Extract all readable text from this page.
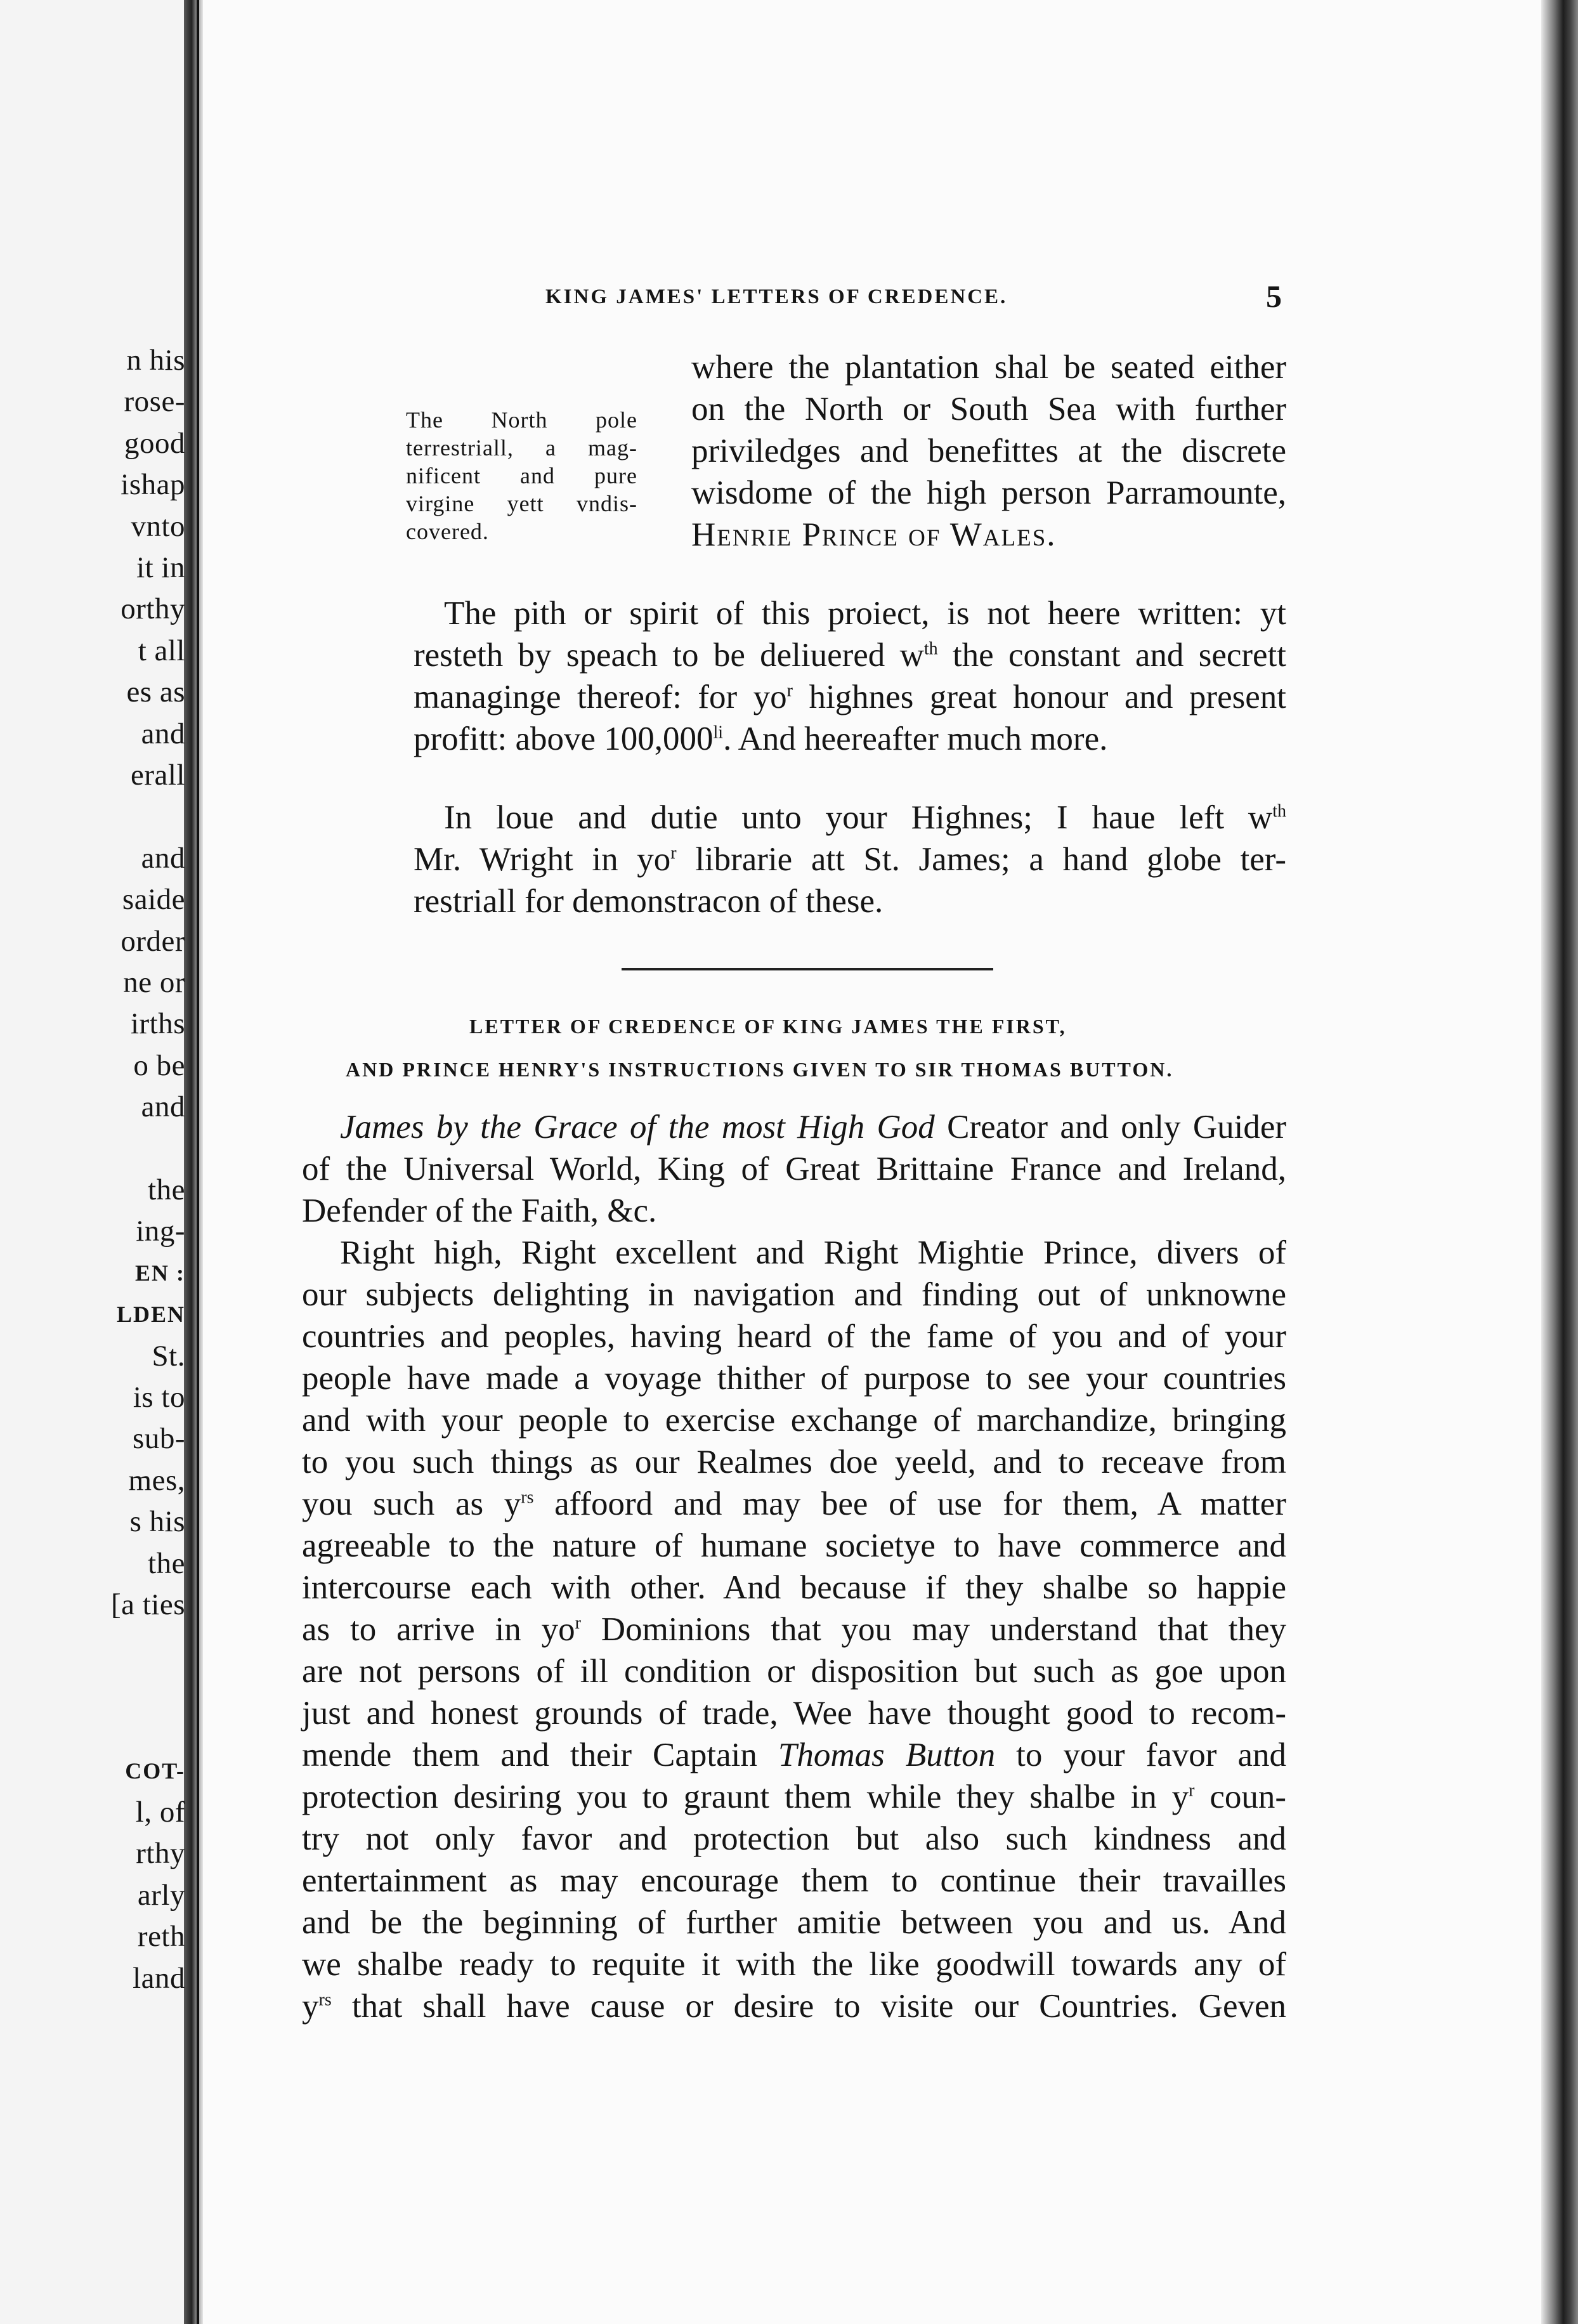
n his
rose-
good
ishap
vnto
it in
orthy
t all
es as
and
erall
and
saide
order
ne or
irths
o be
and
the
ing-
EN :
LDEN
St.
is to
sub-
mes,
s his
the
[a ties
COT-
l, of
rthy
arly
reth
land
KING JAMES' LETTERS OF CREDENCE.	5
The North pole
terrestriall, a mag-
nificent and pure
virgine yett vndis-
covered.
where the plantation shal be seated either
on the North or South Sea with further
priviledges and benefittes at the discrete
wisdome of the high person Parramounte,
Henrie Prince of Wales.
The pith or spirit of this proiect, is not heere written: yt
resteth by speach to be deliuered $w^{th}$ the constant and secrett
managinge thereof: for $yo^r$ highnes great honour and present
profitt: above $100,000^{li}$. And heereafter much more.
In loue and dutie unto your Highnes; I haue left $w^{th}$
Mr. Wright in $yo^r$ librarie att St. James; a hand globe ter-
restriall for demonstracon of these.
LETTER OF CREDENCE OF KING JAMES THE FIRST,
AND PRINCE HENRY'S INSTRUCTIONS GIVEN TO SIR THOMAS BUTTON.
James by the Grace of the most High God Creator and only Guider
of the Universal World, King of Great Brittaine France and Ireland,
Defender of the Faith, &c.
Right high, Right excellent and Right Mightie Prince, divers of
our subjects delighting in navigation and finding out of unknowne
countries and peoples, having heard of the fame of you and of your
people have made a voyage thither of purpose to see your countries
and with your people to exercise exchange of marchandize, bringing
to you such things as our Realmes doe yeeld, and to receave from
you such as $y^{rs}$ affoord and may bee of use for them, A matter
agreeable to the nature of humane societye to have commerce and
intercourse each with other. And because if they shalbe so happie
as to arrive in $yo^r$ Dominions that you may understand that they
are not persons of ill condition or disposition but such as goe upon
just and honest grounds of trade, Wee have thought good to recom-
mende them and their Captain Thomas Button to your favor and
protection desiring you to graunt them while they shalbe in $y^r$ coun-
try not only favor and protection but also such kindness and
entertainment as may encourage them to continue their travailles
and be the beginning of further amitie between you and us. And
we shalbe ready to requite it with the like goodwill towards any of
$y^{rs}$ that shall have cause or desire to visite our Countries. Geven
